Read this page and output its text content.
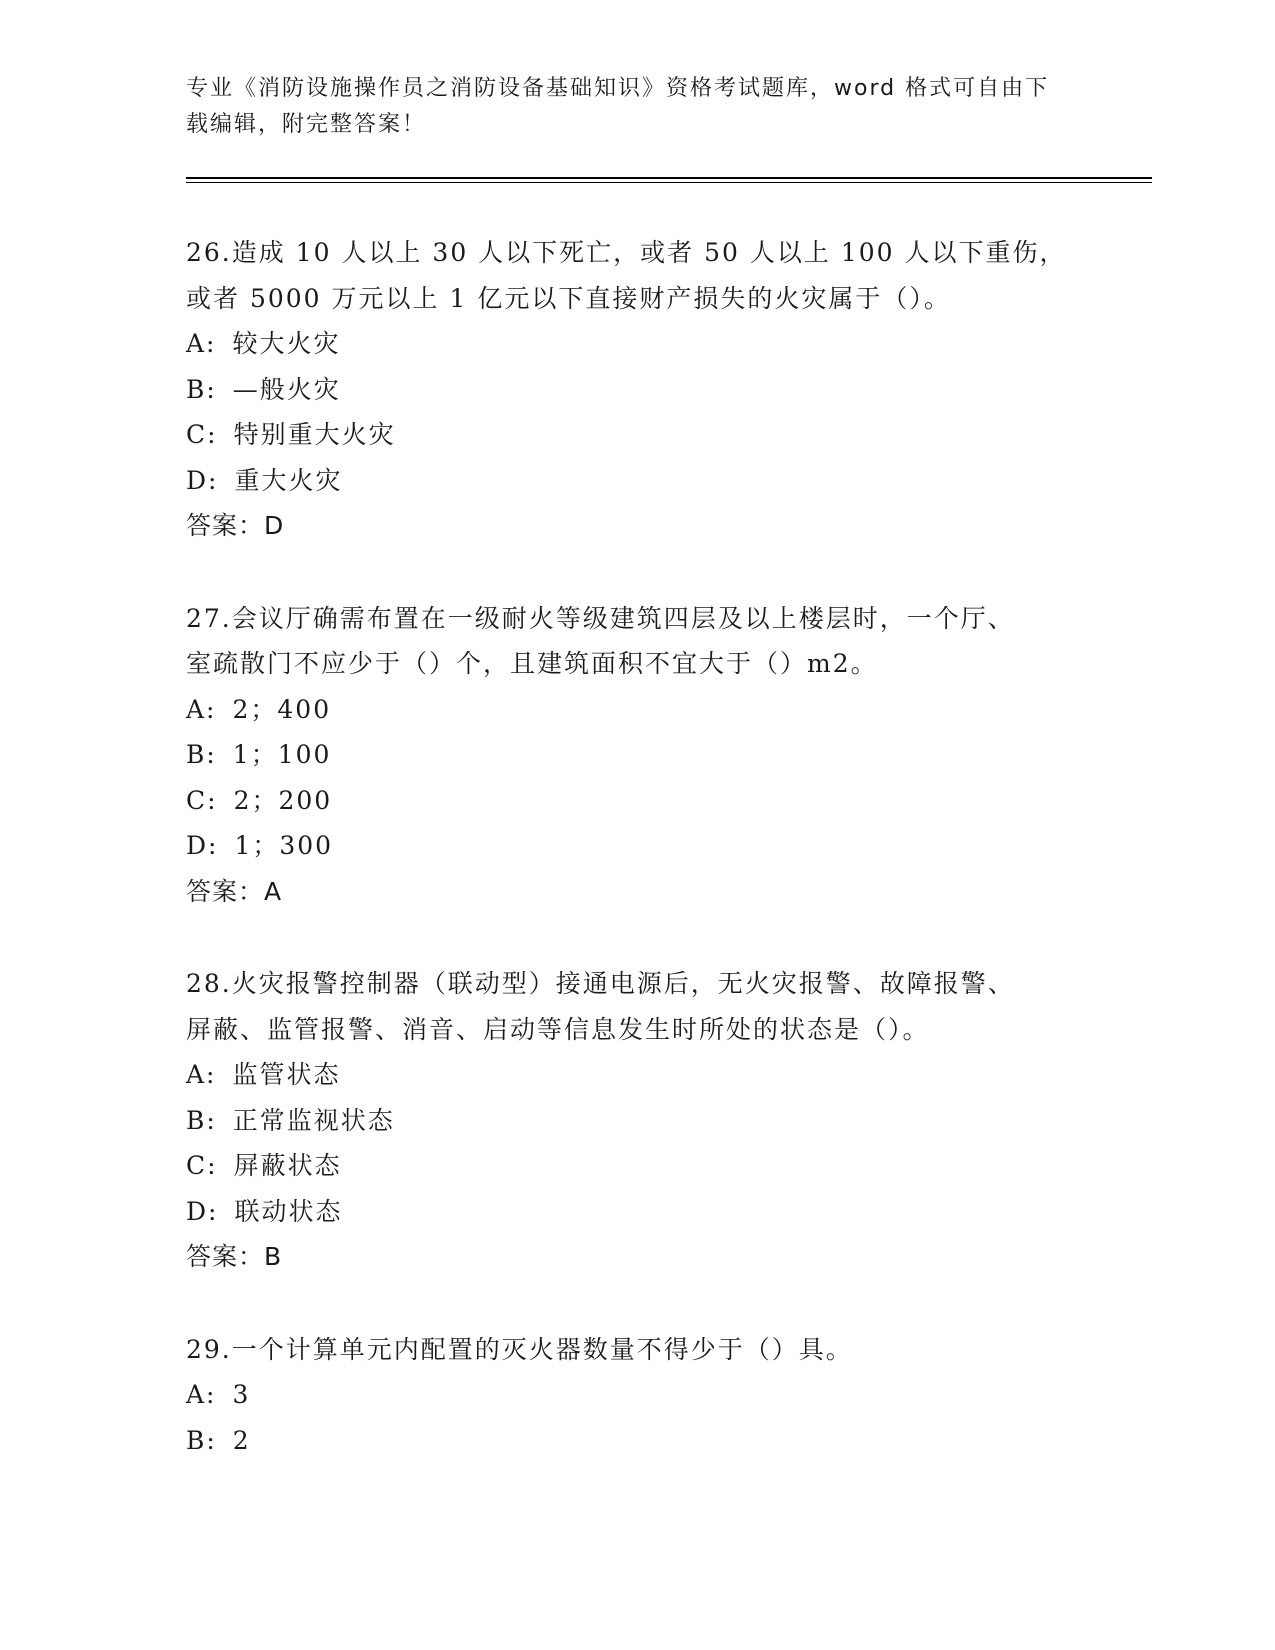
专业《消防设施操作员之消防设备基础知识》资格考试题库，word 格式可自由下
载编辑，附完整答案！

26.造成 10 人以上 30 人以下死亡，或者 50 人以上 100 人以下重伤，

或者 5000 万元以上 1 亿元以下直接财产损失的火灾属于（）。

A: 较大火灾

B: —般火灾

C: 特别重大火灾

D: 重大火灾

答案：D

27.会议厅确需布置在一级耐火等级建筑四层及以上楼层时，一个厅、

室疏散门不应少于（）个，且建筑面积不宜大于（）m2。

A: 2；400

B: 1；100

C: 2；200

D: 1；300

答案：A

28.火灾报警控制器（联动型）接通电源后，无火灾报警、故障报警、

屏蔽、监管报警、消音、启动等信息发生时所处的状态是（）。

A: 监管状态

B: 正常监视状态

C: 屏蔽状态

D: 联动状态

答案：B

29.一个计算单元内配置的灭火器数量不得少于（）具。

A: 3

B: 2
